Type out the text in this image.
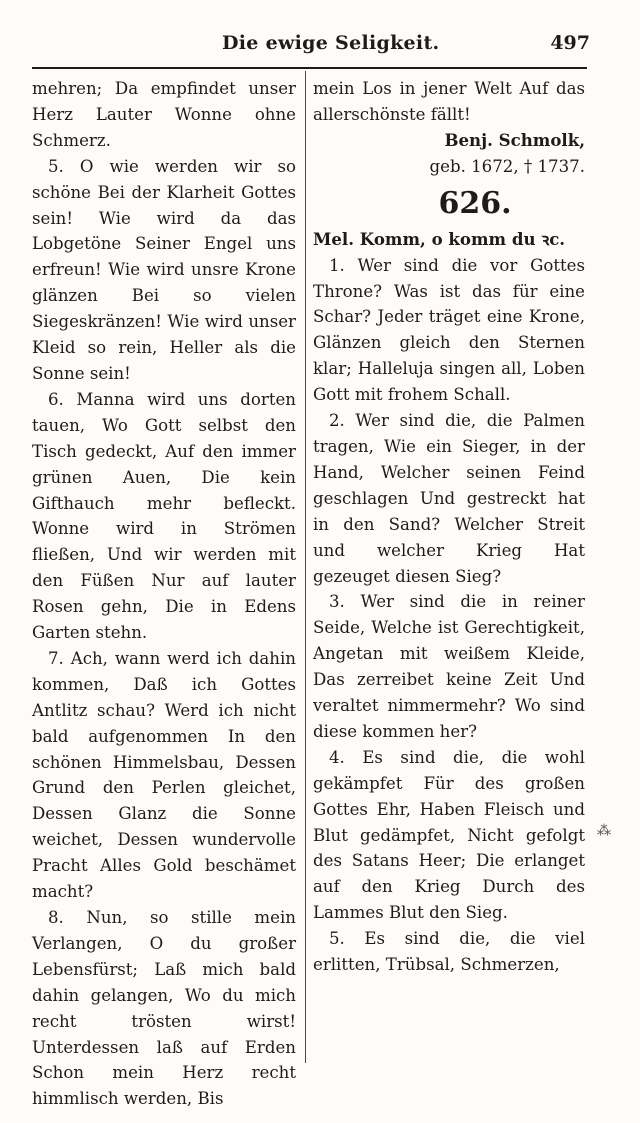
Die ewige Seligkeit.	497

mehren; Da empfindet unser Herz Lauter Wonne ohne Schmerz.

5. O wie werden wir so schöne Bei der Klarheit Gottes sein! Wie wird da das Lobgetöne Seiner Engel uns erfreun! Wie wird unsre Krone glänzen Bei so vielen Siegeskränzen! Wie wird unser Kleid so rein, Heller als die Sonne sein!

6. Manna wird uns dorten tauen, Wo Gott selbst den Tisch gedeckt, Auf den immer grünen Auen, Die kein Gifthauch mehr befleckt. Wonne wird in Strömen fließen, Und wir werden mit den Füßen Nur auf lauter Rosen gehn, Die in Edens Garten stehn.

7. Ach, wann werd ich dahin kommen, Daß ich Gottes Antlitz schau? Werd ich nicht bald aufgenommen In den schönen Himmelsbau, Dessen Grund den Perlen gleichet, Dessen Glanz die Sonne weichet, Dessen wundervolle Pracht Alles Gold beschämet macht?

8. Nun, so stille mein Verlangen, O du großer Lebensfürst; Laß mich bald dahin gelangen, Wo du mich recht trösten wirst! Unterdessen laß auf Erden Schon mein Herz recht himmlisch werden, Bis

mein Los in jener Welt Auf das allerschönste fällt!

Benj. Schmolk,

geb. 1672, † 1737.

626.

Mel. Komm, o komm du ꝛc.

1. Wer sind die vor Gottes Throne? Was ist das für eine Schar? Jeder träget eine Krone, Glänzen gleich den Sternen klar; Halleluja singen all, Loben Gott mit frohem Schall.

2. Wer sind die, die Palmen tragen, Wie ein Sieger, in der Hand, Welcher seinen Feind geschlagen Und gestreckt hat in den Sand? Welcher Streit und welcher Krieg Hat gezeuget diesen Sieg?

3. Wer sind die in reiner Seide, Welche ist Gerechtigkeit, Angetan mit weißem Kleide, Das zerreibet keine Zeit Und veraltet nimmermehr? Wo sind diese kommen her?

4. Es sind die, die wohl gekämpfet Für des großen Gottes Ehr, Haben Fleisch und Blut gedämpfet, Nicht gefolgt des Satans Heer; Die erlanget auf den Krieg Durch des Lammes Blut den Sieg.

5. Es sind die, die viel erlitten, Trübsal, Schmerzen,

⁂
